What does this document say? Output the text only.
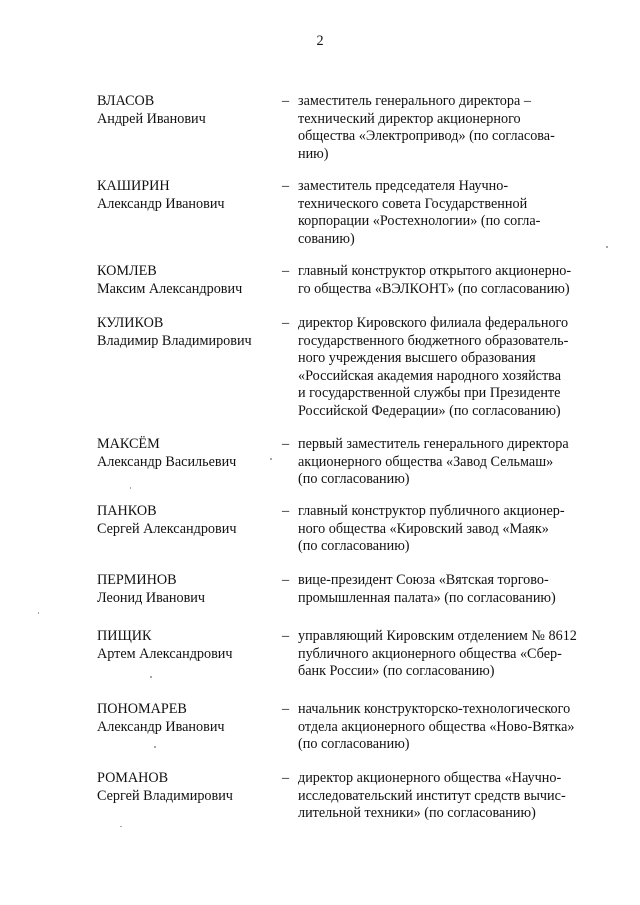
2
ВЛАСОВ
Андрей Иванович
– заместитель генерального директора –
технический директор акционерного
общества «Электропривод» (по согласова-
нию)
КАШИРИН
Александр Иванович
– заместитель председателя Научно-
технического совета Государственной
корпорации «Ростехнологии» (по согла-
сованию)
КОМЛЕВ
Максим Александрович
– главный конструктор открытого акционерно-
го общества «ВЭЛКОНТ» (по согласованию)
КУЛИКОВ
Владимир Владимирович
– директор Кировского филиала федерального
государственного бюджетного образователь-
ного учреждения высшего образования
«Российская академия народного хозяйства
и государственной службы при Президенте
Российской Федерации» (по согласованию)
МАКСЁМ
Александр Васильевич
– первый заместитель генерального директора
акционерного общества «Завод Сельмаш»
(по согласованию)
ПАНКОВ
Сергей Александрович
– главный конструктор публичного акционер-
ного общества «Кировский завод «Маяк»
(по согласованию)
ПЕРМИНОВ
Леонид Иванович
– вице-президент Союза «Вятская торгово-
промышленная палата» (по согласованию)
ПИЩИК
Артем Александрович
– управляющий Кировским отделением № 8612
публичного акционерного общества «Сбер-
банк России» (по согласованию)
ПОНОМАРЕВ
Александр Иванович
– начальник конструкторско-технологического
отдела акционерного общества «Ново-Вятка»
(по согласованию)
РОМАНОВ
Сергей Владимирович
– директор акционерного общества «Научно-
исследовательский институт средств вычис-
лительной техники» (по согласованию)
